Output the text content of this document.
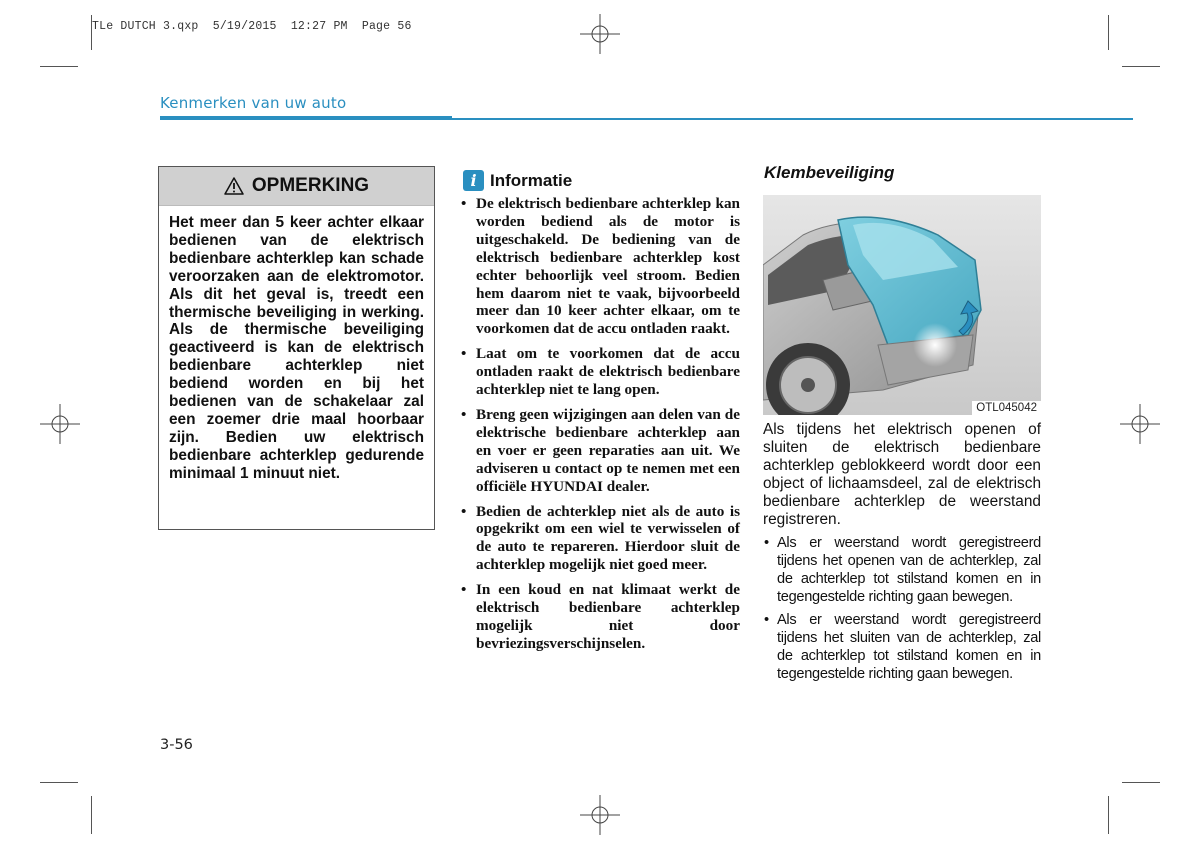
TLe DUTCH 3.qxp  5/19/2015  12:27 PM  Page 56
Kenmerken van uw auto
OPMERKING
Het meer dan 5 keer achter elkaar bedienen van de elektrisch bedienbare achterklep kan schade veroorzaken aan de elektromotor. Als dit het geval is, treedt een thermische beveiliging in werking. Als de thermische beveiliging geactiveerd is kan de elektrisch bedienbare achterklep niet bediend worden en bij het bedienen van de schakelaar zal een zoemer drie maal hoorbaar zijn. Bedien uw elektrisch bedienbare achterklep gedurende minimaal 1 minuut niet.
i Informatie
• De elektrisch bedienbare achterklep kan worden bediend als de motor is uitgeschakeld. De bediening van de elektrisch bedienbare achterklep kost echter behoorlijk veel stroom. Bedien hem daarom niet te vaak, bijvoorbeeld meer dan 10 keer achter elkaar, om te voorkomen dat de accu ontladen raakt.
• Laat om te voorkomen dat de accu ontladen raakt de elektrisch bedienbare achterklep niet te lang open.
• Breng geen wijzigingen aan delen van de elektrische bedienbare achterklep aan en voer er geen reparaties aan uit. We adviseren u contact op te nemen met een officiële HYUNDAI dealer.
• Bedien de achterklep niet als de auto is opgekrikt om een wiel te verwisselen of de auto te repareren. Hierdoor sluit de achterklep mogelijk niet goed meer.
• In een koud en nat klimaat werkt de elektrisch bedienbare achterklep mogelijk niet door bevriezingsverschijnselen.
Klembeveiliging
OTL045042
Als tijdens het elektrisch openen of sluiten de elektrisch bedienbare achterklep geblokkeerd wordt door een object of lichaamsdeel, zal de elektrisch bedienbare achterklep de weerstand registreren.
• Als er weerstand wordt geregistreerd tijdens het openen van de achterklep, zal de achterklep tot stilstand komen en in tegengestelde richting gaan bewegen.
• Als er weerstand wordt geregistreerd tijdens het sluiten van de achterklep, zal de achterklep tot stilstand komen en in tegengestelde richting gaan bewegen.
3-56
